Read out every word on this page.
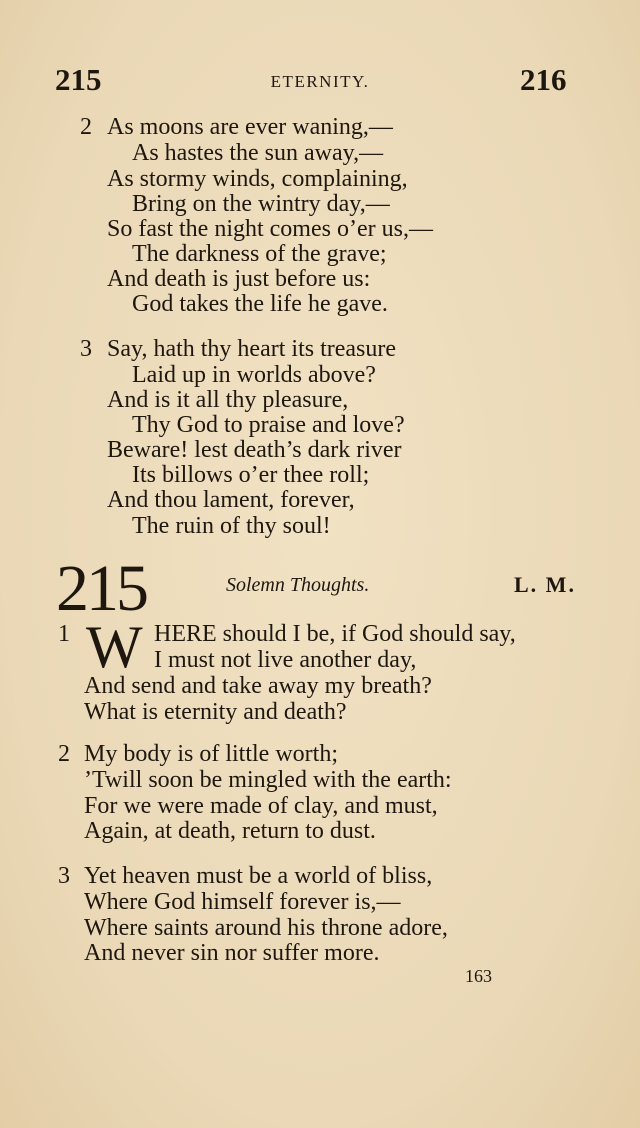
215	ETERNITY.	216
2 As moons are ever waning,—
As hastes the sun away,—
As stormy winds, complaining,
Bring on the wintry day,—
So fast the night comes o’er us,—
The darkness of the grave;
And death is just before us:
God takes the life he gave.
3 Say, hath thy heart its treasure
Laid up in worlds above?
And is it all thy pleasure,
Thy God to praise and love?
Beware! lest death’s dark river
Its billows o’er thee roll;
And thou lament, forever,
The ruin of thy soul!
215	Solemn Thoughts.	L. M.
1 W HERE should I be, if God should say,
I must not live another day,
And send and take away my breath?
What is eternity and death?
2 My body is of little worth;
’Twill soon be mingled with the earth:
For we were made of clay, and must,
Again, at death, return to dust.
3 Yet heaven must be a world of bliss,
Where God himself forever is,—
Where saints around his throne adore,
And never sin nor suffer more.
163
